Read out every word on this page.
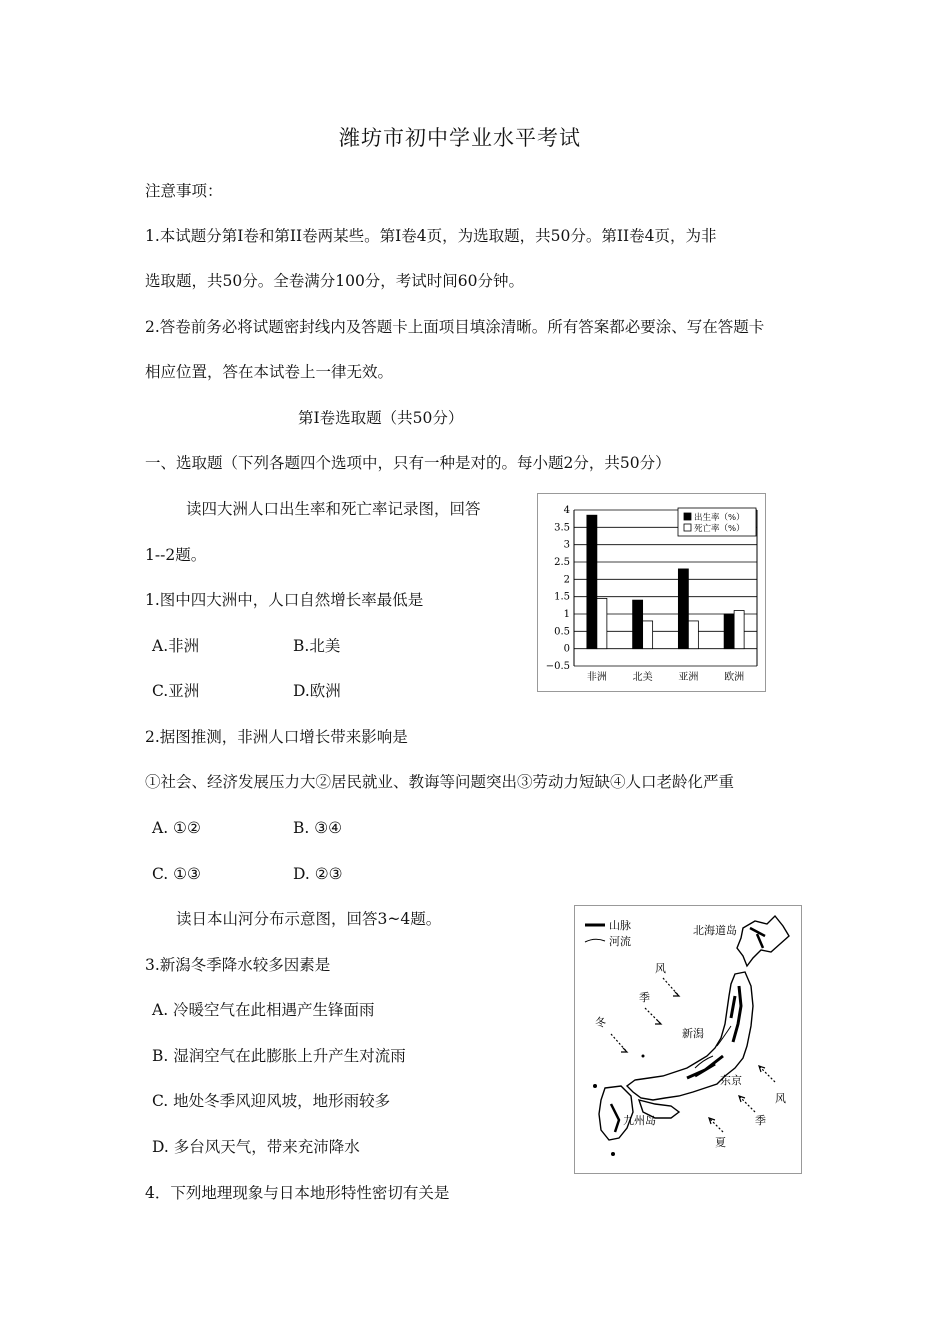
潍坊市初中学业水平考试
注意事项：
1.本试题分第Ⅰ卷和第II卷两某些。第Ⅰ卷4页，为选取题，共50分。第II卷4页，为非
选取题，共50分。全卷满分100分，考试时间60分钟。
2.答卷前务必将试题密封线内及答题卡上面项目填涂清晰。所有答案都必要涂、写在答题卡
相应位置，答在本试卷上一律无效。
第Ⅰ卷选取题（共50分）
一、选取题（下列各题四个选项中，只有一种是对的。每小题2分，共50分）
读四大洲人口出生率和死亡率记录图，回答
1--2题。
1.图中四大洲中，人口自然增长率最低是
A.非洲	B.北美
C.亚洲	D.欧洲
2.据图推测，非洲人口增长带来影响是
①社会、经济发展压力大②居民就业、教诲等问题突出③劳动力短缺④人口老龄化严重
A. ①②	B. ③④
C. ①③	D. ②③
读日本山河分布示意图，回答3~4题。
3.新潟冬季降水较多因素是
A. 冷暖空气在此相遇产生锋面雨
B. 湿润空气在此膨胀上升产生对流雨
C. 地处冬季风迎风坡，地形雨较多
D. 多台风天气，带来充沛降水
4．下列地理现象与日本地形特性密切有关是
4
3.5
3
2.5
2
1.5
1
0.5
0
−0.5
非洲	北美	亚洲	欧洲
出生率（%）
死亡率（%）
山脉
河流
北海道岛
新潟
东京
九州岛
风
季
冬
风
季
夏
